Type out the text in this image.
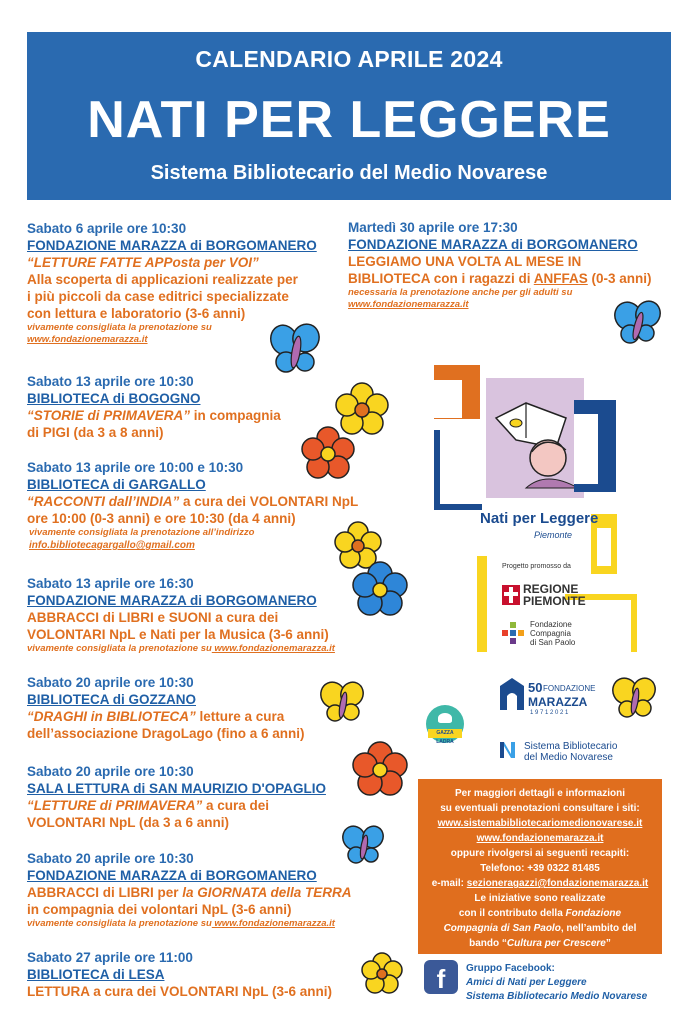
CALENDARIO APRILE 2024
NATI PER LEGGERE
Sistema Bibliotecario del Medio Novarese
Sabato 6 aprile ore 10:30
FONDAZIONE MARAZZA di BORGOMANERO
“LETTURE FATTE APPosta per VOI”
Alla scoperta di applicazioni realizzate per
i più piccoli da case editrici specializzate
con lettura e laboratorio (3-6 anni)
vivamente consigliata la prenotazione su
www.fondazionemarazza.it
Sabato 13 aprile ore 10:30
BIBLIOTECA di BOGOGNO
“STORIE di PRIMAVERA” in compagnia
di PIGI (da 3 a 8 anni)
Sabato 13 aprile ore 10:00 e 10:30
BIBLIOTECA di GARGALLO
“RACCONTI dall’INDIA” a cura dei VOLONTARI NpL
ore 10:00 (0-3 anni) e ore 10:30 (da 4 anni)
vivamente consigliata la prenotazione all’indirizzo
info.bibliotecagargallo@gmail.com
Sabato 13 aprile ore 16:30
FONDAZIONE MARAZZA di BORGOMANERO
ABBRACCI di LIBRI e SUONI a cura dei
VOLONTARI NpL e Nati per la Musica (3-6 anni)
vivamente consigliata la prenotazione su www.fondazionemarazza.it
Sabato 20 aprile ore 10:30
BIBLIOTECA di GOZZANO
“DRAGHI in BIBLIOTECA” letture a cura
dell’associazione DragoLago (fino a 6 anni)
Sabato 20 aprile ore 10:30
SALA LETTURA di SAN MAURIZIO D'OPAGLIO
“LETTURE di PRIMAVERA” a cura dei
VOLONTARI NpL (da 3 a 6 anni)
Sabato 20 aprile ore 10:30
FONDAZIONE MARAZZA di BORGOMANERO
ABBRACCI di LIBRI per la GIORNATA della TERRA
in compagnia dei volontari NpL (3-6 anni)
vivamente consigliata la prenotazione su www.fondazionemarazza.it
Sabato 27 aprile ore 11:00
BIBLIOTECA di LESA
LETTURA a cura dei VOLONTARI NpL (3-6 anni)
Martedì 30 aprile ore 17:30
FONDAZIONE MARAZZA di BORGOMANERO
LEGGIAMO UNA VOLTA AL MESE IN
BIBLIOTECA con i ragazzi di ANFFAS (0-3 anni)
necessaria la prenotazione anche per gli adulti su
www.fondazionemarazza.it
Nati per Leggere
Piemonte
Progetto promosso da
REGIONE
PIEMONTE
Fondazione
Compagnia
di San Paolo
50 FONDAZIONE
MARAZZA
1 9 7 1 2 0 2 1
GAZZA LADRA	Sistema Bibliotecario
del Medio Novarese
Per maggiori dettagli e informazioni
su eventuali prenotazioni consultare i siti:
www.sistemabibliotecariomedionovarese.it
www.fondazionemarazza.it
oppure rivolgersi ai seguenti recapiti:
Telefono: +39 0322 81485
e-mail: sezioneragazzi@fondazionemarazza.it
Le iniziative sono realizzate
con il contributo della Fondazione
Compagnia di San Paolo, nell’ambito del
bando “Cultura per Crescere”
f	Gruppo Facebook:
Amici di Nati per Leggere
Sistema Bibliotecario Medio Novarese
